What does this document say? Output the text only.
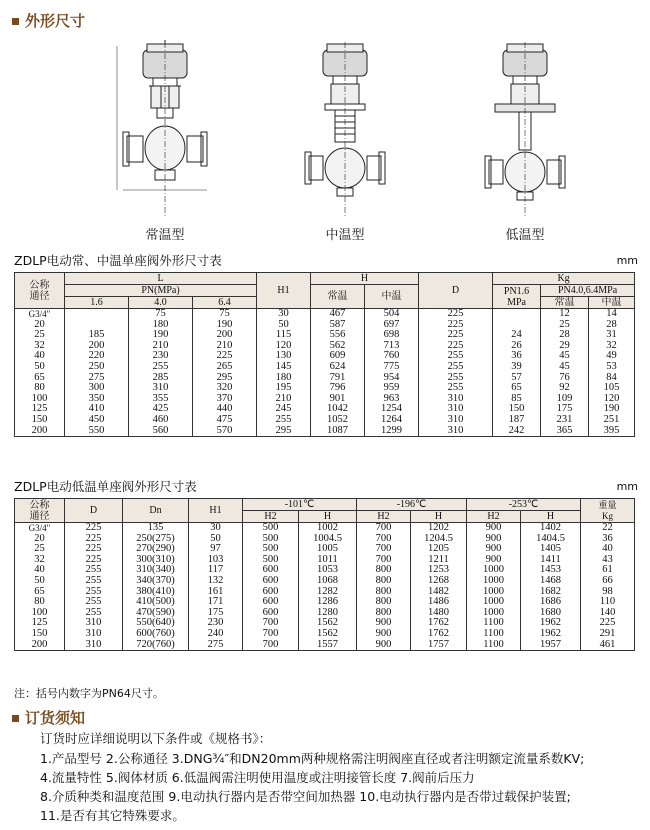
外形尺寸
常温型	中温型	低温型
ZDLP电动常、中温单座阀外形尺寸表	mm
公称
通径	L			H1	H		D	Kg		
	PN(MPa)				常温	中温		PN1.6
MPa	PN4.0,6.4MPa	
	1.6	4.0	6.4						常温	中温
G3/4"		75	75	30	467	504	225		12	14
20		180	190	50	587	697	225		25	28
25	185	190	200	115	556	698	225	24	28	31
32	200	210	210	120	562	713	225	26	29	32
40	220	230	225	130	609	760	255	36	45	49
50	250	255	265	145	624	775	255	39	45	53
65	275	285	295	180	791	954	255	57	76	84
80	300	310	320	195	796	959	255	65	92	105
100	350	355	370	210	901	963	310	85	109	120
125	410	425	440	245	1042	1254	310	150	175	190
150	450	460	475	255	1052	1264	310	187	231	251
200	550	560	570	295	1087	1299	310	242	365	395
ZDLP电动低温单座阀外形尺寸表	mm
公称
通径	D	Dn	H1	-101℃		-196℃		-253℃		重量
Kg
				H2	H	H2	H	H2	H	
G3/4"	225	135	30	500	1002	700	1202	900	1402	22
20	225	250(275)	50	500	1004.5	700	1204.5	900	1404.5	36
25	225	270(290)	97	500	1005	700	1205	900	1405	40
32	225	300(310)	103	500	1011	700	1211	900	1411	43
40	255	310(340)	117	600	1053	800	1253	1000	1453	61
50	255	340(370)	132	600	1068	800	1268	1000	1468	66
65	255	380(410)	161	600	1282	800	1482	1000	1682	98
80	255	410(500)	171	600	1286	800	1486	1000	1686	110
100	255	470(590)	175	600	1280	800	1480	1000	1680	140
125	310	550(640)	230	700	1562	900	1762	1100	1962	225
150	310	600(760)	240	700	1562	900	1762	1100	1962	291
200	310	720(760)	275	700	1557	900	1757	1100	1957	461
注：括号内数字为PN64尺寸。
订货须知
订货时应详细说明以下条件或《规格书》：
1.产品型号 2.公称通径 3.DNG¾″和DN20mm两种规格需注明阀座直径或者注明额定流量系数KV;
4.流量特性 5.阀体材质 6.低温阀需注明使用温度或注明接管长度 7.阀前后压力
8.介质种类和温度范围 9.电动执行器内是否带空间加热器 10.电动执行器内是否带过载保护装置;
11.是否有其它特殊要求。
